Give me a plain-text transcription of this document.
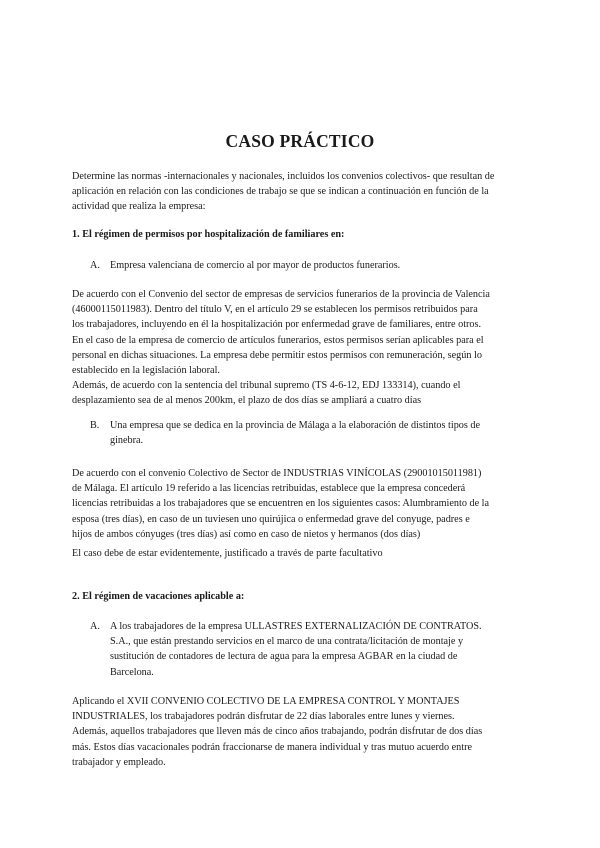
CASO PRÁCTICO

Determine las normas -internacionales y nacionales, incluidos los convenios colectivos- que resultan de
aplicación en relación con las condiciones de trabajo se que se indican a continuación en función de la
actividad que realiza la empresa:

1. El régimen de permisos por hospitalización de familiares en:

A. Empresa valenciana de comercio al por mayor de productos funerarios.

De acuerdo con el Convenio del sector de empresas de servicios funerarios de la provincia de Valencia
(46000115011983). Dentro del título V, en el artículo 29 se establecen los permisos retribuidos para
los trabajadores, incluyendo en él la hospitalización por enfermedad grave de familiares, entre otros.
En el caso de la empresa de comercio de artículos funerarios, estos permisos serían aplicables para el
personal en dichas situaciones. La empresa debe permitir estos permisos con remuneración, según lo
establecido en la legislación laboral.
Además, de acuerdo con la sentencia del tribunal supremo (TS 4-6-12, EDJ 133314), cuando el
desplazamiento sea de al menos 200km, el plazo de dos días se ampliará a cuatro días

B. Una empresa que se dedica en la provincia de Málaga a la elaboración de distintos tipos de
ginebra.

De acuerdo con el convenio Colectivo de Sector de INDUSTRIAS VINÍCOLAS (29001015011981)
de Málaga. El artículo 19 referido a las licencias retribuidas, establece que la empresa concederá
licencias retribuidas a los trabajadores que se encuentren en los siguientes casos: Alumbramiento de la
esposa (tres días), en caso de un tuviesen uno quirújica o enfermedad grave del conyuge, padres e
hijos de ambos cónyuges (tres días) así como en caso de nietos y hermanos (dos días)

El caso debe de estar evidentemente, justificado a través de parte facultativo

2. El régimen de vacaciones aplicable a:

A. A los trabajadores de la empresa ULLASTRES EXTERNALIZACIÓN DE CONTRATOS.
S.A., que están prestando servicios en el marco de una contrata/licitación de montaje y
sustitución de contadores de lectura de agua para la empresa AGBAR en la ciudad de
Barcelona.

Aplicando el XVII CONVENIO COLECTIVO DE LA EMPRESA CONTROL Y MONTAJES
INDUSTRIALES, los trabajadores podrán disfrutar de 22 días laborales entre lunes y viernes.
Además, aquellos trabajadores que lleven más de cinco años trabajando, podrán disfrutar de dos días
más. Estos días vacacionales podrán fraccionarse de manera individual y tras mutuo acuerdo entre
trabajador y empleado.
